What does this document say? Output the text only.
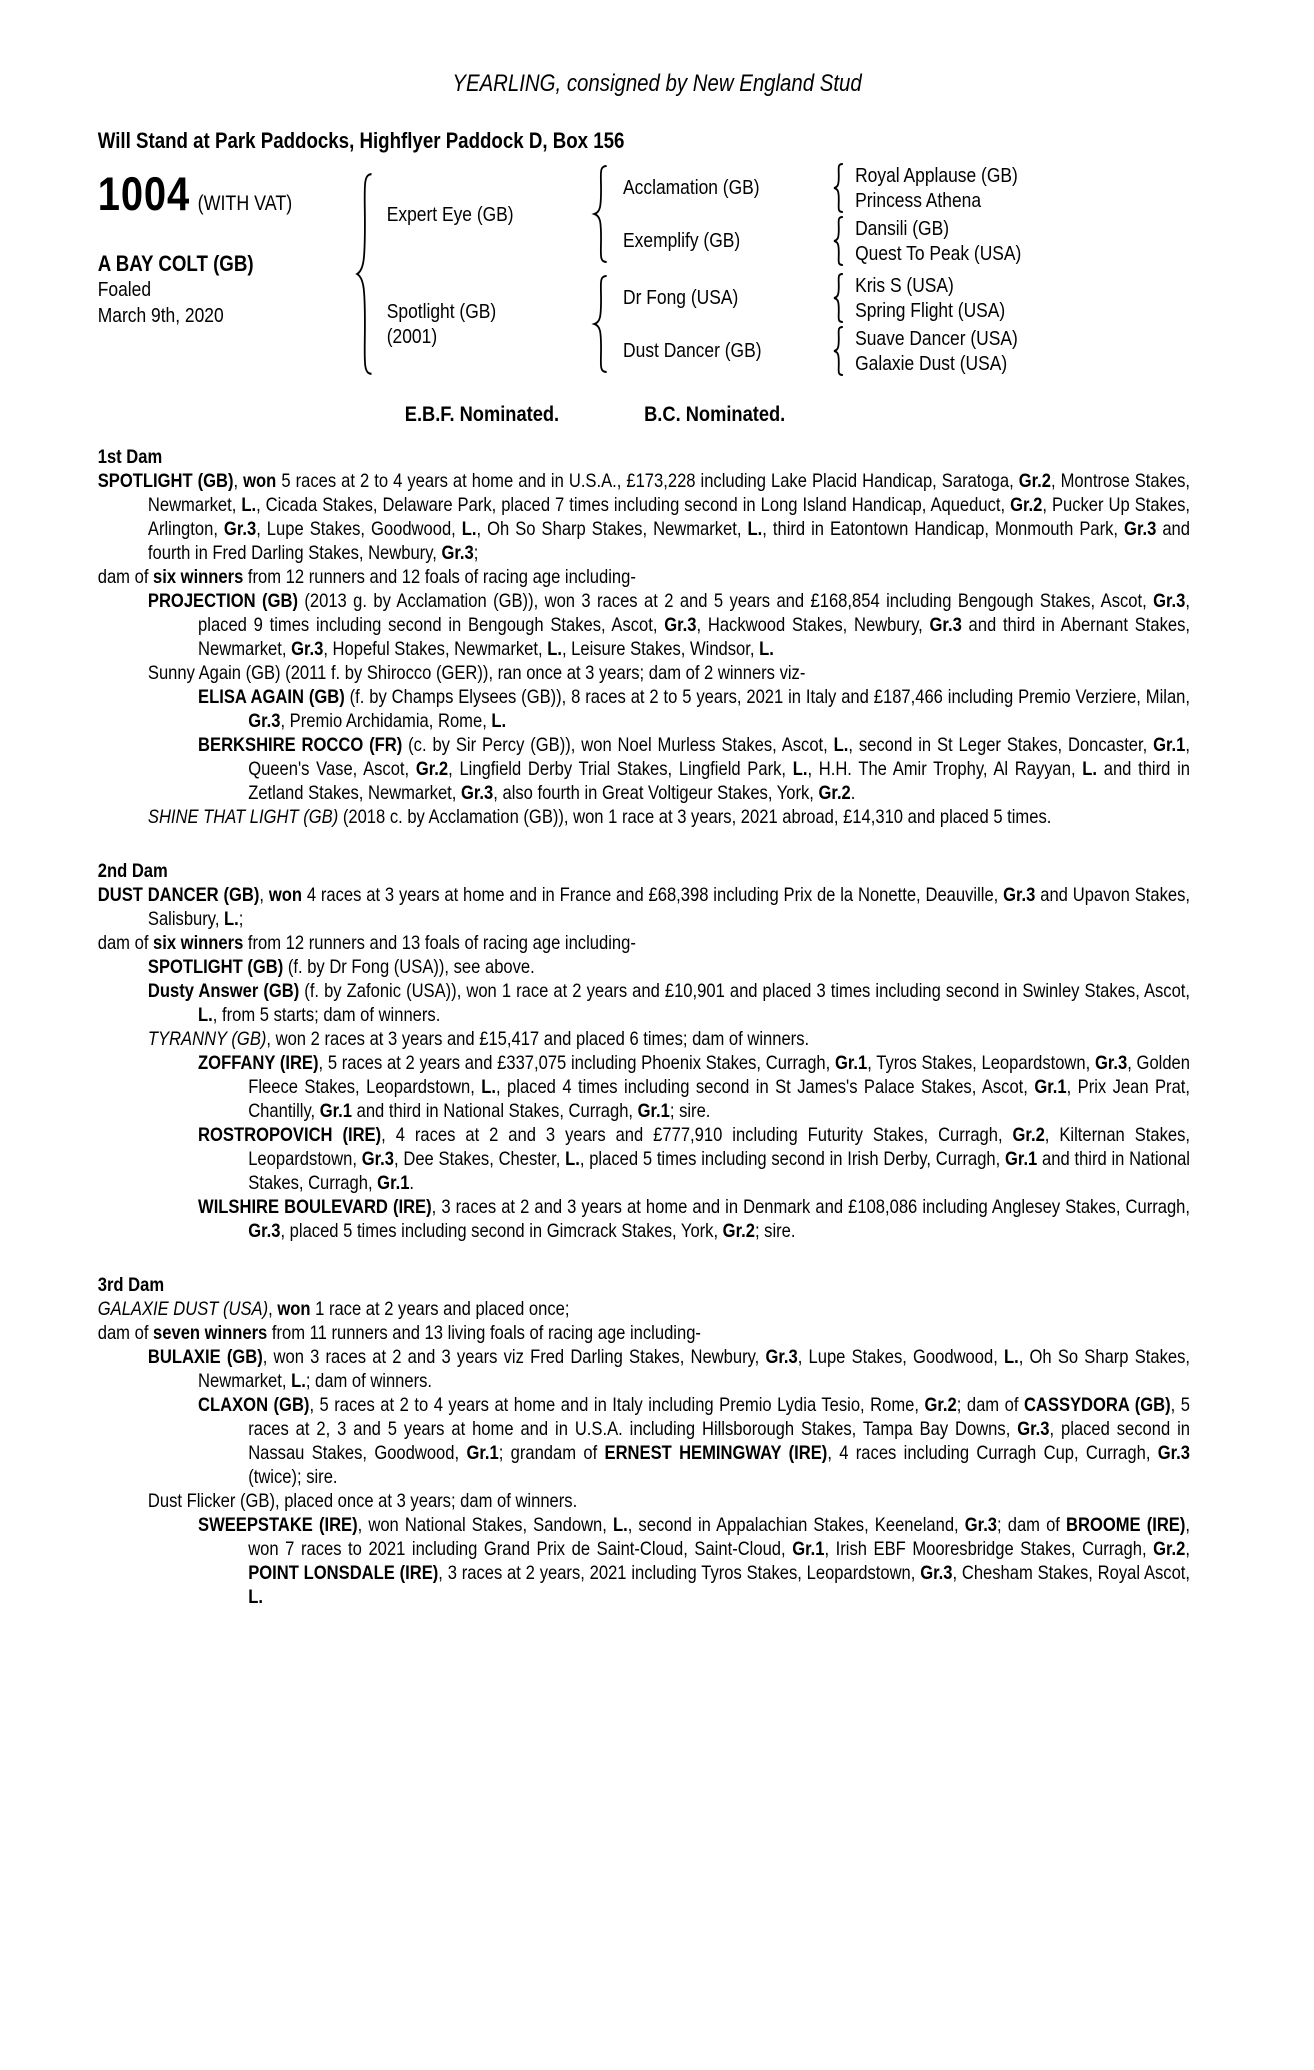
YEARLING, consigned by New England Stud
Will Stand at Park Paddocks, Highflyer Paddock D, Box 156
1004 (WITH VAT)
A BAY COLT (GB)
Foaled
March 9th, 2020
Expert Eye (GB)
Acclamation (GB)
Royal Applause (GB)
Princess Athena
Exemplify (GB)
Dansili (GB)
Quest To Peak (USA)
Spotlight (GB)
(2001)
Dr Fong (USA)
Kris S (USA)
Spring Flight (USA)
Dust Dancer (GB)
Suave Dancer (USA)
Galaxie Dust (USA)
E.B.F. Nominated.	B.C. Nominated.
1st Dam

SPOTLIGHT (GB), won 5 races at 2 to 4 years at home and in U.S.A., £173,228 including Lake Placid Handicap, Saratoga, Gr.2, Montrose Stakes, Newmarket, L., Cicada Stakes, Delaware Park, placed 7 times including second in Long Island Handicap, Aqueduct, Gr.2, Pucker Up Stakes, Arlington, Gr.3, Lupe Stakes, Goodwood, L., Oh So Sharp Stakes, Newmarket, L., third in Eatontown Handicap, Monmouth Park, Gr.3 and fourth in Fred Darling Stakes, Newbury, Gr.3;

dam of six winners from 12 runners and 12 foals of racing age including-

PROJECTION (GB) (2013 g. by Acclamation (GB)), won 3 races at 2 and 5 years and £168,854 including Bengough Stakes, Ascot, Gr.3, placed 9 times including second in Bengough Stakes, Ascot, Gr.3, Hackwood Stakes, Newbury, Gr.3 and third in Abernant Stakes, Newmarket, Gr.3, Hopeful Stakes, Newmarket, L., Leisure Stakes, Windsor, L.

Sunny Again (GB) (2011 f. by Shirocco (GER)), ran once at 3 years; dam of 2 winners viz-

ELISA AGAIN (GB) (f. by Champs Elysees (GB)), 8 races at 2 to 5 years, 2021 in Italy and £187,466 including Premio Verziere, Milan, Gr.3, Premio Archidamia, Rome, L.

BERKSHIRE ROCCO (FR) (c. by Sir Percy (GB)), won Noel Murless Stakes, Ascot, L., second in St Leger Stakes, Doncaster, Gr.1, Queen's Vase, Ascot, Gr.2, Lingfield Derby Trial Stakes, Lingfield Park, L., H.H. The Amir Trophy, Al Rayyan, L. and third in Zetland Stakes, Newmarket, Gr.3, also fourth in Great Voltigeur Stakes, York, Gr.2.

SHINE THAT LIGHT (GB) (2018 c. by Acclamation (GB)), won 1 race at 3 years, 2021 abroad, £14,310 and placed 5 times.

2nd Dam

DUST DANCER (GB), won 4 races at 3 years at home and in France and £68,398 including Prix de la Nonette, Deauville, Gr.3 and Upavon Stakes, Salisbury, L.;

dam of six winners from 12 runners and 13 foals of racing age including-

SPOTLIGHT (GB) (f. by Dr Fong (USA)), see above.

Dusty Answer (GB) (f. by Zafonic (USA)), won 1 race at 2 years and £10,901 and placed 3 times including second in Swinley Stakes, Ascot, L., from 5 starts; dam of winners.

TYRANNY (GB), won 2 races at 3 years and £15,417 and placed 6 times; dam of winners.

ZOFFANY (IRE), 5 races at 2 years and £337,075 including Phoenix Stakes, Curragh, Gr.1, Tyros Stakes, Leopardstown, Gr.3, Golden Fleece Stakes, Leopardstown, L., placed 4 times including second in St James's Palace Stakes, Ascot, Gr.1, Prix Jean Prat, Chantilly, Gr.1 and third in National Stakes, Curragh, Gr.1; sire.

ROSTROPOVICH (IRE), 4 races at 2 and 3 years and £777,910 including Futurity Stakes, Curragh, Gr.2, Kilternan Stakes, Leopardstown, Gr.3, Dee Stakes, Chester, L., placed 5 times including second in Irish Derby, Curragh, Gr.1 and third in National Stakes, Curragh, Gr.1.

WILSHIRE BOULEVARD (IRE), 3 races at 2 and 3 years at home and in Denmark and £108,086 including Anglesey Stakes, Curragh, Gr.3, placed 5 times including second in Gimcrack Stakes, York, Gr.2; sire.

3rd Dam

GALAXIE DUST (USA), won 1 race at 2 years and placed once;

dam of seven winners from 11 runners and 13 living foals of racing age including-

BULAXIE (GB), won 3 races at 2 and 3 years viz Fred Darling Stakes, Newbury, Gr.3, Lupe Stakes, Goodwood, L., Oh So Sharp Stakes, Newmarket, L.; dam of winners.

CLAXON (GB), 5 races at 2 to 4 years at home and in Italy including Premio Lydia Tesio, Rome, Gr.2; dam of CASSYDORA (GB), 5 races at 2, 3 and 5 years at home and in U.S.A. including Hillsborough Stakes, Tampa Bay Downs, Gr.3, placed second in Nassau Stakes, Goodwood, Gr.1; grandam of ERNEST HEMINGWAY (IRE), 4 races including Curragh Cup, Curragh, Gr.3 (twice); sire.

Dust Flicker (GB), placed once at 3 years; dam of winners.

SWEEPSTAKE (IRE), won National Stakes, Sandown, L., second in Appalachian Stakes, Keeneland, Gr.3; dam of BROOME (IRE), won 7 races to 2021 including Grand Prix de Saint-Cloud, Saint-Cloud, Gr.1, Irish EBF Mooresbridge Stakes, Curragh, Gr.2, POINT LONSDALE (IRE), 3 races at 2 years, 2021 including Tyros Stakes, Leopardstown, Gr.3, Chesham Stakes, Royal Ascot, L.
